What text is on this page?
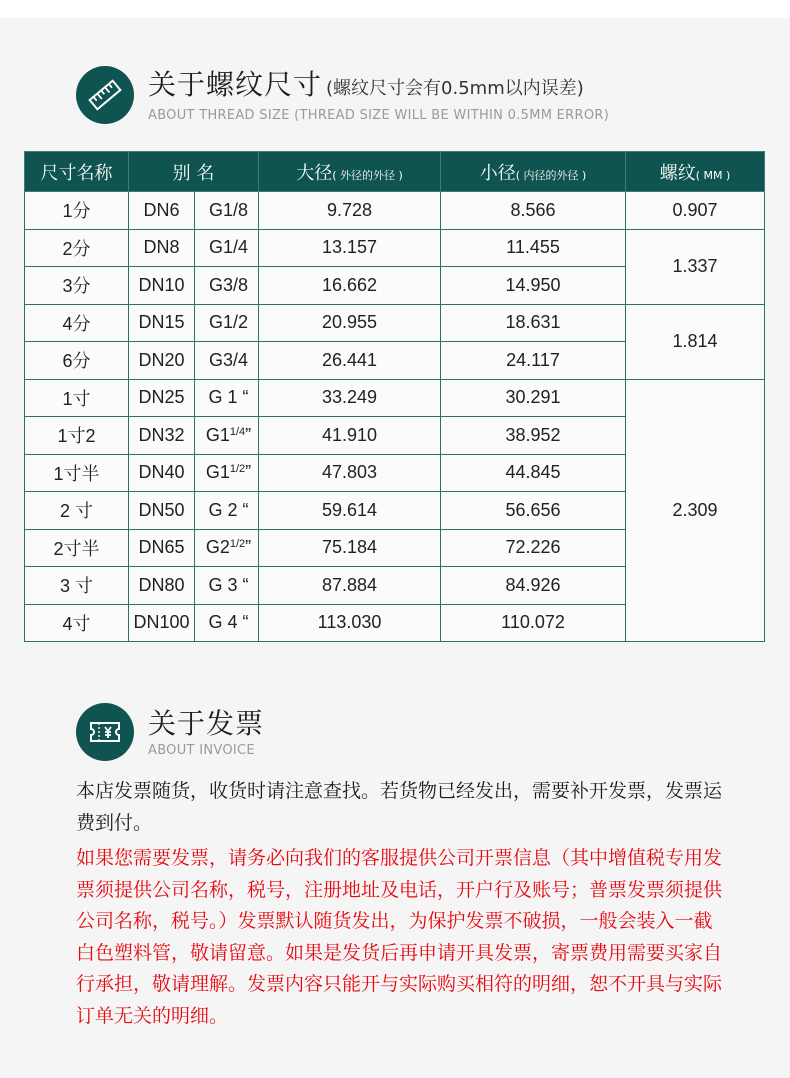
关于螺纹尺寸 (螺纹尺寸会有0.5mm以内误差)
ABOUT THREAD SIZE (THREAD SIZE WILL BE WITHIN 0.5MM ERROR)
尺寸名称	别 名		大径( 外径的外径 )	小径( 内径的外径 )	螺纹( MM )
1分	DN6	G1/8	9.728	8.566	0.907
2分	DN8	G1/4	13.157	11.455	1.337
3分	DN10	G3/8	16.662	14.950	
4分	DN15	G1/2	20.955	18.631	1.814
6分	DN20	G3/4	26.441	24.117	
1寸	DN25	G 1 “	33.249	30.291	2.309
1寸2	DN32	$G1^{1/4}$”	41.910	38.952	
1寸半	DN40	$G1^{1/2}$”	47.803	44.845	
2 寸	DN50	G 2 “	59.614	56.656	
2寸半	DN65	$G2^{1/2}$”	75.184	72.226	
3 寸	DN80	G 3 “	87.884	84.926	
4寸	DN100	G 4 “	113.030	110.072	
关于发票
ABOUT INVOICE
本店发票随货，收货时请注意查找。若货物已经发出，需要补开发票，发票运费到付。
如果您需要发票，请务必向我们的客服提供公司开票信息（其中增值税专用发票须提供公司名称，税号，注册地址及电话，开户行及账号；普票发票须提供公司名称，税号。）发票默认随货发出，为保护发票不破损，一般会装入一截白色塑料管，敬请留意。如果是发货后再申请开具发票，寄票费用需要买家自行承担，敬请理解。发票内容只能开与实际购买相符的明细，恕不开具与实际订单无关的明细。
